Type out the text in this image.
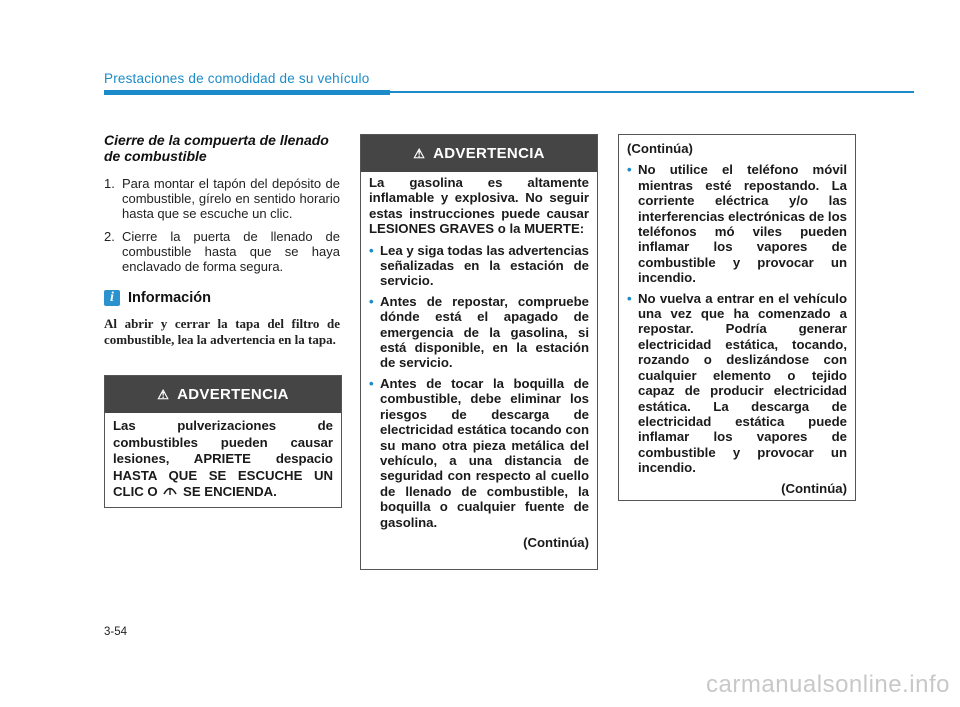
Prestaciones de comodidad de su vehículo
Cierre de la compuerta de llenado de combustible
1. Para montar el tapón del depósito de combustible, gírelo en sentido horario hasta que se escuche un clic.
2. Cierre la puerta de llenado de combustible hasta que se haya enclavado de forma segura.
i Información
Al abrir y cerrar la tapa del filtro de combustible, lea la advertencia en la tapa.
⚠ ADVERTENCIA
Las pulverizaciones de combustibles pueden causar lesiones, APRIETE despacio HASTA QUE SE ESCUCHE UN CLIC O SE ENCIENDA.
⚠ ADVERTENCIA

La gasolina es altamente inflamable y explosiva. No seguir estas instrucciones puede causar LESIONES GRAVES o la MUERTE:

• Lea y siga todas las advertencias señalizadas en la estación de servicio.
• Antes de repostar, compruebe dónde está el apagado de emergencia de la gasolina, si está disponible, en la estación de servicio.
• Antes de tocar la boquilla de combustible, debe eliminar los riesgos de descarga de electricidad estática tocando con su mano otra pieza metálica del vehículo, a una distancia de seguridad con respecto al cuello de llenado de combustible, la boquilla o cualquier fuente de gasolina.
(Continúa)

(Continúa)

• No utilice el teléfono móvil mientras esté repostando. La corriente eléctrica y/o las interferencias electrónicas de los teléfonos mó viles pueden inflamar los vapores de combustible y provocar un incendio.
• No vuelva a entrar en el vehículo una vez que ha comenzado a repostar. Podría generar electricidad estática, tocando, rozando o deslizándose con cualquier elemento o tejido capaz de producir electricidad estática. La descarga de electricidad estática puede inflamar los vapores de combustible y provocar un incendio.
(Continúa)
3-54
carmanualsonline.info
